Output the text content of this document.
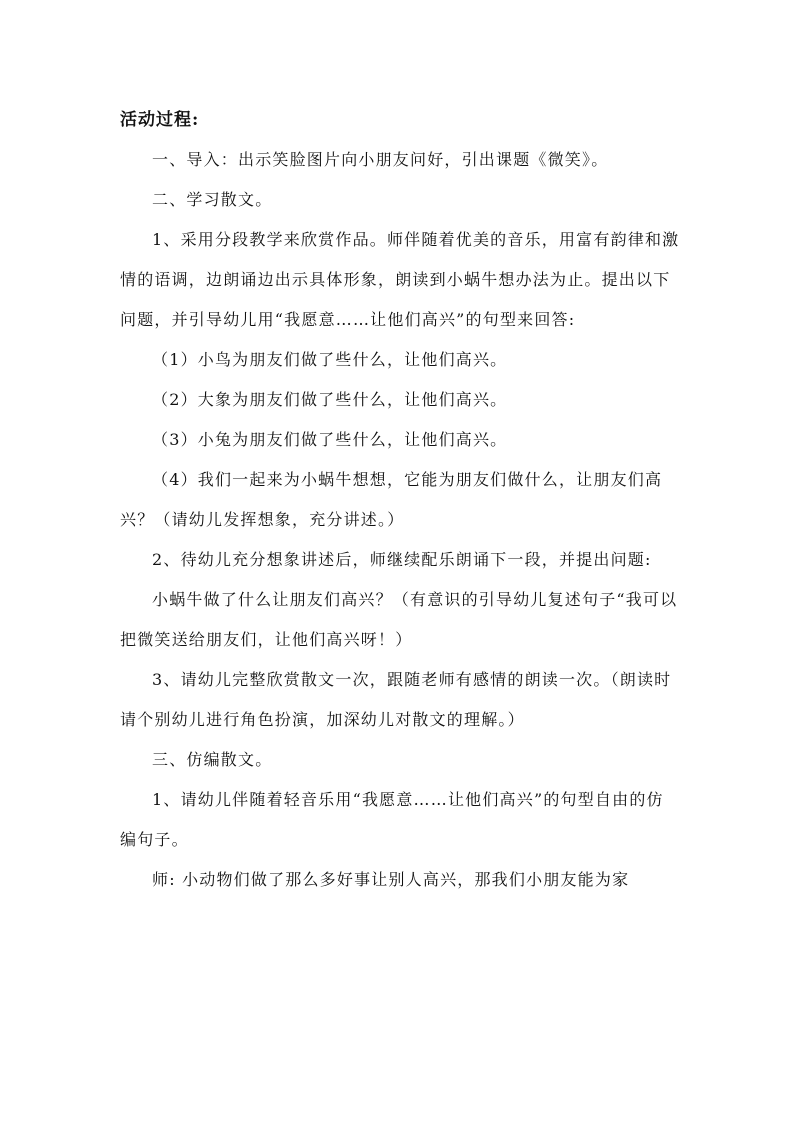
活动过程:

一、导入：出示笑脸图片向小朋友问好，引出课题《微笑》。

二、学习散文。

1、采用分段教学来欣赏作品。师伴随着优美的音乐，用富有韵律和激情的语调，边朗诵边出示具体形象，朗读到小蜗牛想办法为止。提出以下问题，并引导幼儿用“我愿意……让他们高兴”的句型来回答:

（1）小鸟为朋友们做了些什么，让他们高兴。

（2）大象为朋友们做了些什么，让他们高兴。

（3）小兔为朋友们做了些什么，让他们高兴。

（4）我们一起来为小蜗牛想想，它能为朋友们做什么，让朋友们高兴？（请幼儿发挥想象，充分讲述。）

2、待幼儿充分想象讲述后，师继续配乐朗诵下一段，并提出问题:

小蜗牛做了什么让朋友们高兴？（有意识的引导幼儿复述句子“我可以把微笑送给朋友们，让他们高兴呀！）

3、请幼儿完整欣赏散文一次，跟随老师有感情的朗读一次。（朗读时请个别幼儿进行角色扮演，加深幼儿对散文的理解。）

三、仿编散文。

1、请幼儿伴随着轻音乐用“我愿意……让他们高兴”的句型自由的仿编句子。

师: 小动物们做了那么多好事让别人高兴，那我们小朋友能为家
